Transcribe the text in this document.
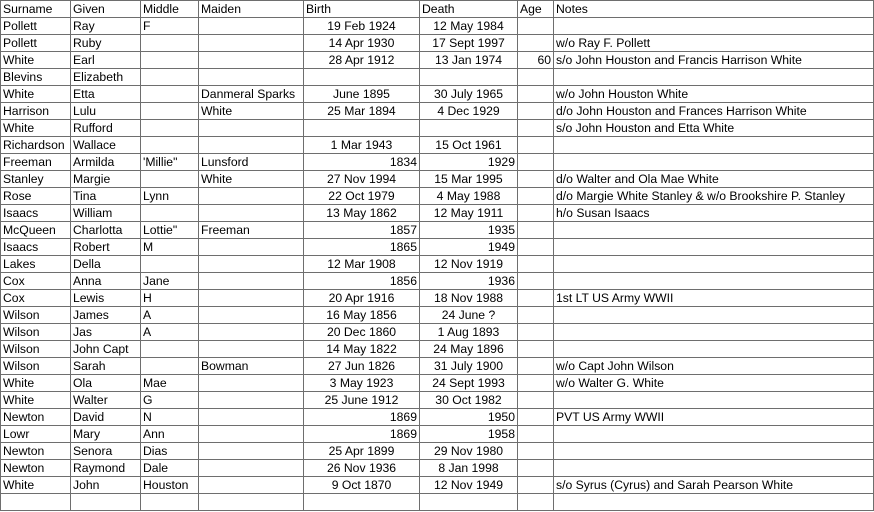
Surname	Given	Middle	Maiden	Birth	Death	Age	Notes
Pollett	Ray	F		19 Feb 1924	12 May 1984		
Pollett	Ruby			14 Apr 1930	17 Sept 1997		w/o Ray F. Pollett
White	Earl			28 Apr 1912	13 Jan 1974	60	s/o John Houston and Francis Harrison White
Blevins	Elizabeth						
White	Etta		Danmeral Sparks	June 1895	30 July 1965		w/o John Houston White
Harrison	Lulu		White	25 Mar 1894	4 Dec 1929		d/o John Houston and Frances Harrison White
White	Rufford						s/o John Houston and Etta White
Richardson	Wallace			1 Mar 1943	15 Oct 1961		
Freeman	Armilda	'Millie"	Lunsford	1834	1929		
Stanley	Margie		White	27 Nov 1994	15 Mar 1995		d/o Walter and Ola Mae White
Rose	Tina	Lynn		22 Oct 1979	4 May 1988		d/o Margie White Stanley & w/o Brookshire P. Stanley
Isaacs	William			13 May 1862	12 May 1911		h/o Susan Isaacs
McQueen	Charlotta	Lottie"	Freeman	1857	1935		
Isaacs	Robert	M		1865	1949		
Lakes	Della			12 Mar 1908	12 Nov 1919		
Cox	Anna	Jane		1856	1936		
Cox	Lewis	H		20 Apr 1916	18 Nov 1988		1st LT US Army WWII
Wilson	James	A		16 May 1856	24 June ?		
Wilson	Jas	A		20 Dec 1860	1 Aug 1893		
Wilson	John Capt			14 May 1822	24 May 1896		
Wilson	Sarah		Bowman	27 Jun 1826	31 July 1900		w/o Capt John Wilson
White	Ola	Mae		3 May 1923	24 Sept 1993		w/o Walter G. White
White	Walter	G		25 June 1912	30 Oct 1982		
Newton	David	N		1869	1950		PVT US Army WWII
Lowr	Mary	Ann		1869	1958		
Newton	Senora	Dias		25 Apr 1899	29 Nov 1980		
Newton	Raymond	Dale		26 Nov 1936	8 Jan 1998		
White	John	Houston		9 Oct 1870	12 Nov 1949		s/o Syrus (Cyrus) and Sarah Pearson White
